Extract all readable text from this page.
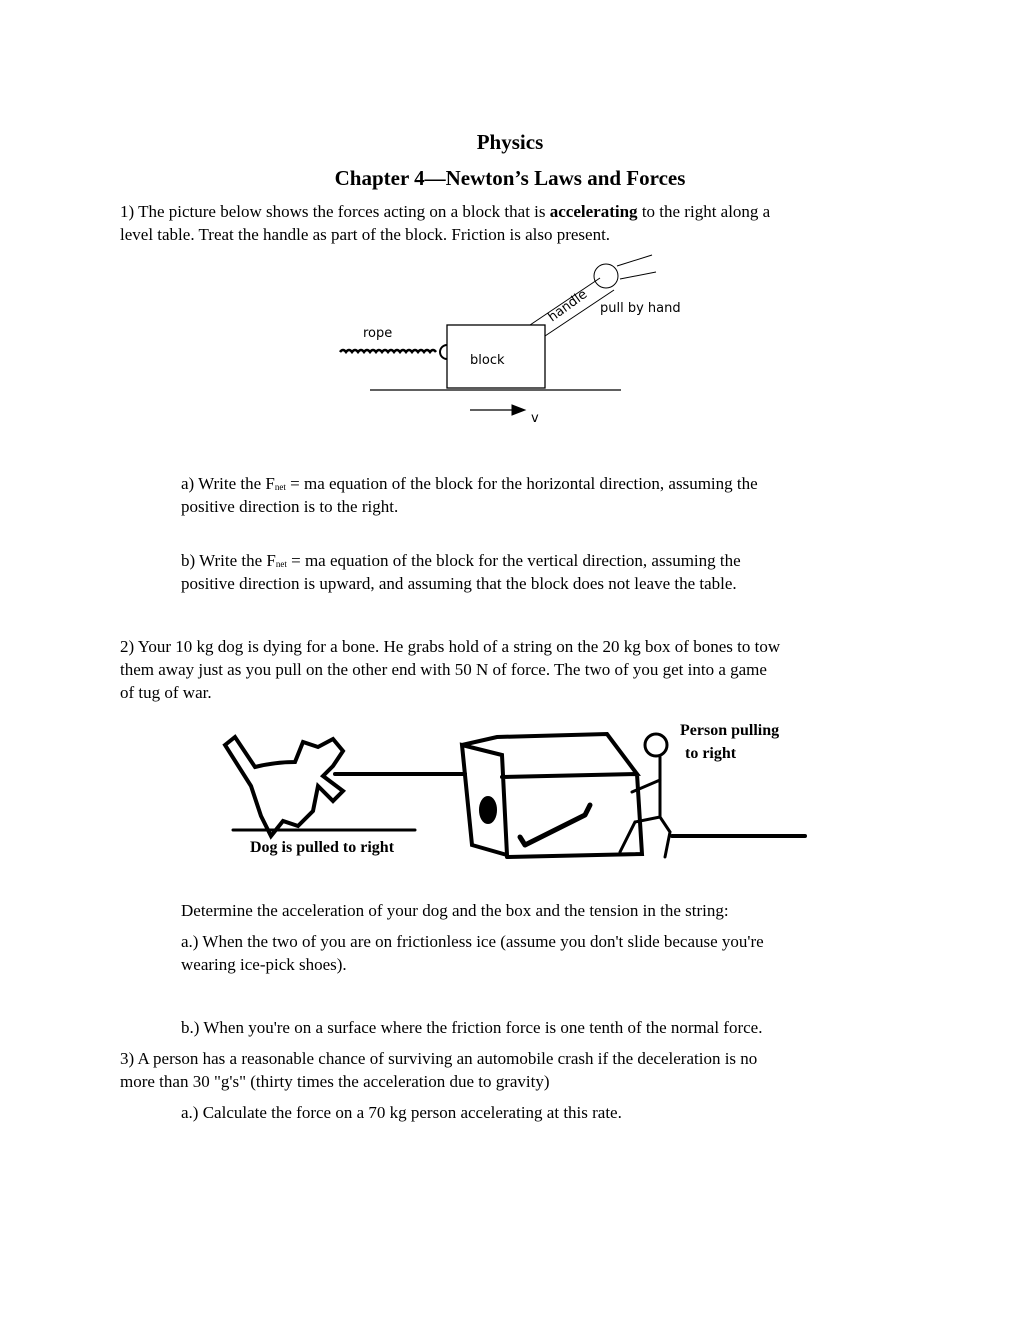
Physics
Chapter 4—Newton’s Laws and Forces
1) The picture below shows the forces acting on a block that is accelerating to the right along a
level table. Treat the handle as part of the block. Friction is also present.
rope
block
pull by hand
handle
v
Person pulling
to right
Dog is pulled to right
a) Write the $F_{net}$ = ma equation of the block for the horizontal direction, assuming the
positive direction is to the right.
b) Write the $F_{net}$ = ma equation of the block for the vertical direction, assuming the
positive direction is upward, and assuming that the block does not leave the table.
2) Your 10 kg dog is dying for a bone. He grabs hold of a string on the 20 kg box of bones to tow
them away just as you pull on the other end with 50 N of force. The two of you get into a game
of tug of war.
Determine the acceleration of your dog and the box and the tension in the string:
a.) When the two of you are on frictionless ice (assume you don't slide because you're
wearing ice-pick shoes).
b.) When you're on a surface where the friction force is one tenth of the normal force.
3) A person has a reasonable chance of surviving an automobile crash if the deceleration is no
more than 30 "g's" (thirty times the acceleration due to gravity)
a.) Calculate the force on a 70 kg person accelerating at this rate.
